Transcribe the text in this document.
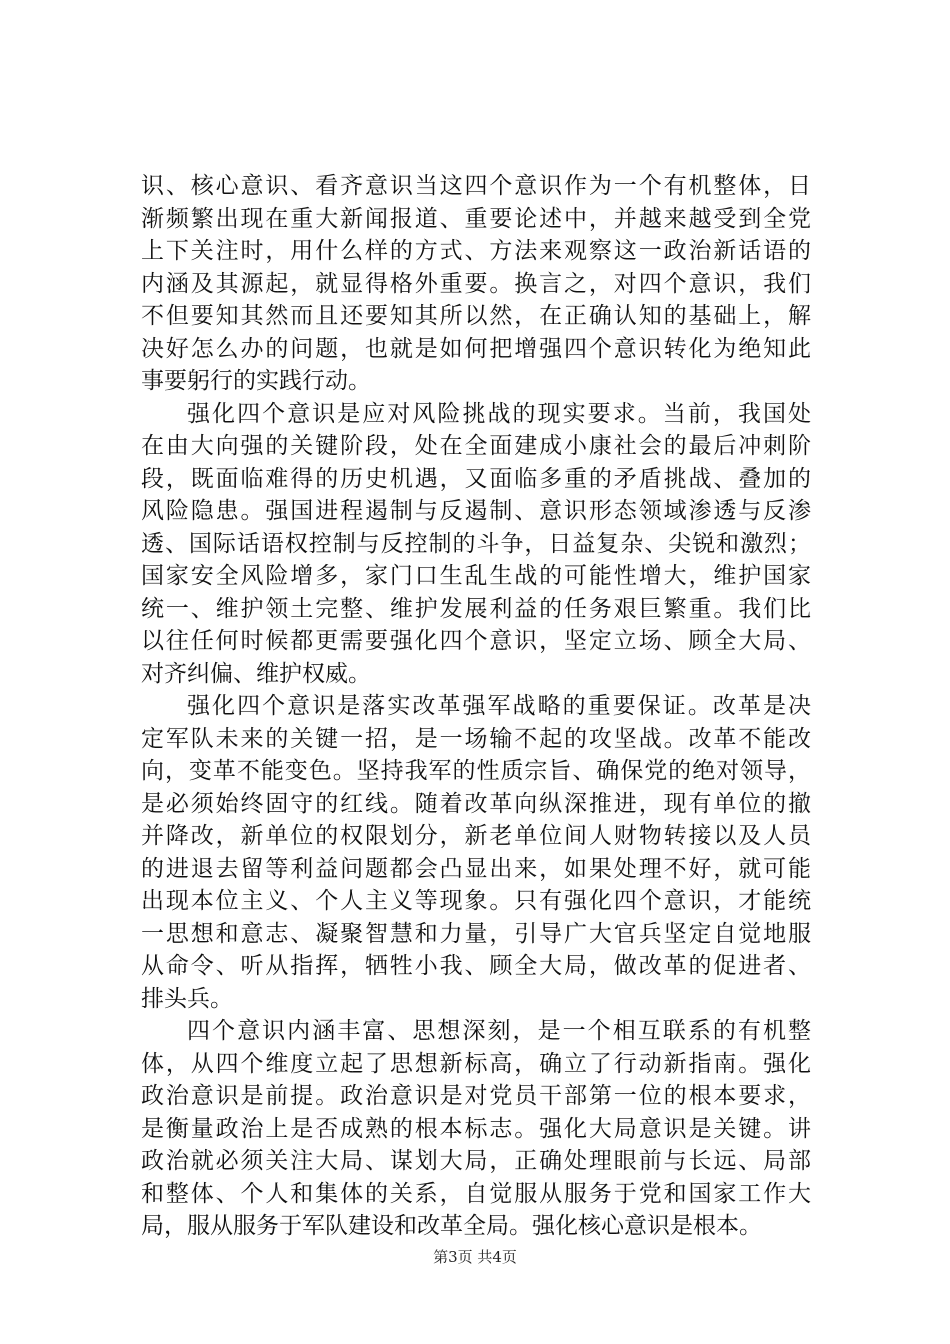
识、核心意识、看齐意识当这四个意识作为一个有机整体，日
渐频繁出现在重大新闻报道、重要论述中，并越来越受到全党
上下关注时，用什么样的方式、方法来观察这一政治新话语的
内涵及其源起，就显得格外重要。换言之，对四个意识，我们
不但要知其然而且还要知其所以然，在正确认知的基础上，解
决好怎么办的问题，也就是如何把增强四个意识转化为绝知此
事要躬行的实践行动。
强化四个意识是应对风险挑战的现实要求。当前，我国处
在由大向强的关键阶段，处在全面建成小康社会的最后冲刺阶
段，既面临难得的历史机遇，又面临多重的矛盾挑战、叠加的
风险隐患。强国进程遏制与反遏制、意识形态领域渗透与反渗
透、国际话语权控制与反控制的斗争，日益复杂、尖锐和激烈；
国家安全风险增多，家门口生乱生战的可能性增大，维护国家
统一、维护领土完整、维护发展利益的任务艰巨繁重。我们比
以往任何时候都更需要强化四个意识，坚定立场、顾全大局、
对齐纠偏、维护权威。
强化四个意识是落实改革强军战略的重要保证。改革是决
定军队未来的关键一招，是一场输不起的攻坚战。改革不能改
向，变革不能变色。坚持我军的性质宗旨、确保党的绝对领导，
是必须始终固守的红线。随着改革向纵深推进，现有单位的撤
并降改，新单位的权限划分，新老单位间人财物转接以及人员
的进退去留等利益问题都会凸显出来，如果处理不好，就可能
出现本位主义、个人主义等现象。只有强化四个意识，才能统
一思想和意志、凝聚智慧和力量，引导广大官兵坚定自觉地服
从命令、听从指挥，牺牲小我、顾全大局，做改革的促进者、
排头兵。
四个意识内涵丰富、思想深刻，是一个相互联系的有机整
体，从四个维度立起了思想新标高，确立了行动新指南。强化
政治意识是前提。政治意识是对党员干部第一位的根本要求，
是衡量政治上是否成熟的根本标志。强化大局意识是关键。讲
政治就必须关注大局、谋划大局，正确处理眼前与长远、局部
和整体、个人和集体的关系，自觉服从服务于党和国家工作大
局，服从服务于军队建设和改革全局。强化核心意识是根本。
第3页 共4页
